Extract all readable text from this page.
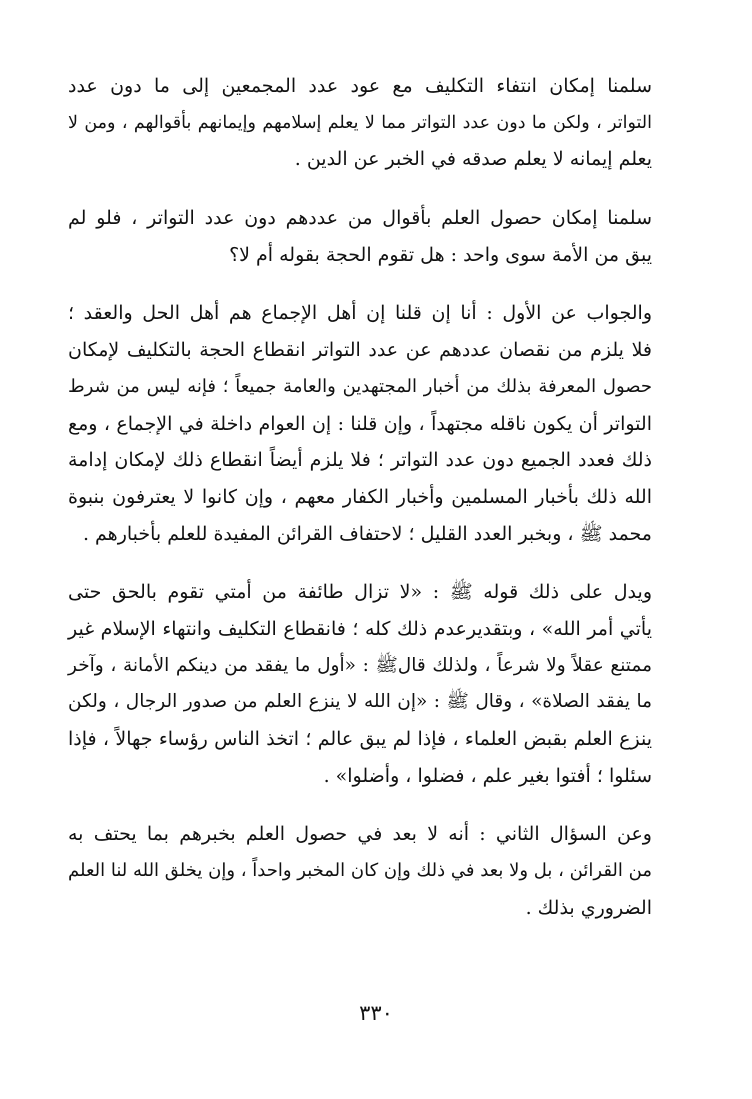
سلمنا إمكان انتفاء التكليف مع عود عدد المجمعين إلى ما دون عدد
التواتر ، ولكن ما دون عدد التواتر مما لا يعلم إسلامهم وإيمانهم بأقوالهم ، ومن لا
يعلم إيمانه لا يعلم صدقه في الخبر عن الدين .
سلمنا إمكان حصول العلم بأقوال من عددهم دون عدد التواتر ، فلو لم
يبق من الأمة سوى واحد : هل تقوم الحجة بقوله أم لا؟
والجواب عن الأول : أنا إن قلنا إن أهل الإجماع هم أهل الحل والعقد ؛
فلا يلزم من نقصان عددهم عن عدد التواتر انقطاع الحجة بالتكليف لإمكان
حصول المعرفة بذلك من أخبار المجتهدين والعامة جميعاً ؛ فإنه ليس من شرط
التواتر أن يكون ناقله مجتهداً ، وإن قلنا : إن العوام داخلة في الإجماع ، ومع
ذلك فعدد الجميع دون عدد التواتر ؛ فلا يلزم أيضاً انقطاع ذلك لإمكان إدامة
الله ذلك بأخبار المسلمين وأخبار الكفار معهم ، وإن كانوا لا يعترفون بنبوة
محمد ﷺ ، وبخبر العدد القليل ؛ لاحتفاف القرائن المفيدة للعلم بأخبارهم .
ويدل على ذلك قوله ﷺ : «لا تزال طائفة من أمتي تقوم بالحق حتى
يأتي أمر الله» ، وبتقديرعدم ذلك كله ؛ فانقطاع التكليف وانتهاء الإسلام غير
ممتنع عقلاً ولا شرعاً ، ولذلك قالﷺ : «أول ما يفقد من دينكم الأمانة ، وآخر
ما يفقد الصلاة» ، وقال ﷺ : «إن الله لا ينزع العلم من صدور الرجال ، ولكن
ينزع العلم بقبض العلماء ، فإذا لم يبق عالم ؛ اتخذ الناس رؤساء جهالاً ، فإذا
سئلوا ؛ أفتوا بغير علم ، فضلوا ، وأضلوا» .
وعن السؤال الثاني : أنه لا بعد في حصول العلم بخبرهم بما يحتف به
من القرائن ، بل ولا بعد في ذلك وإن كان المخبر واحداً ، وإن يخلق الله لنا العلم
الضروري بذلك .
٣٣٠
